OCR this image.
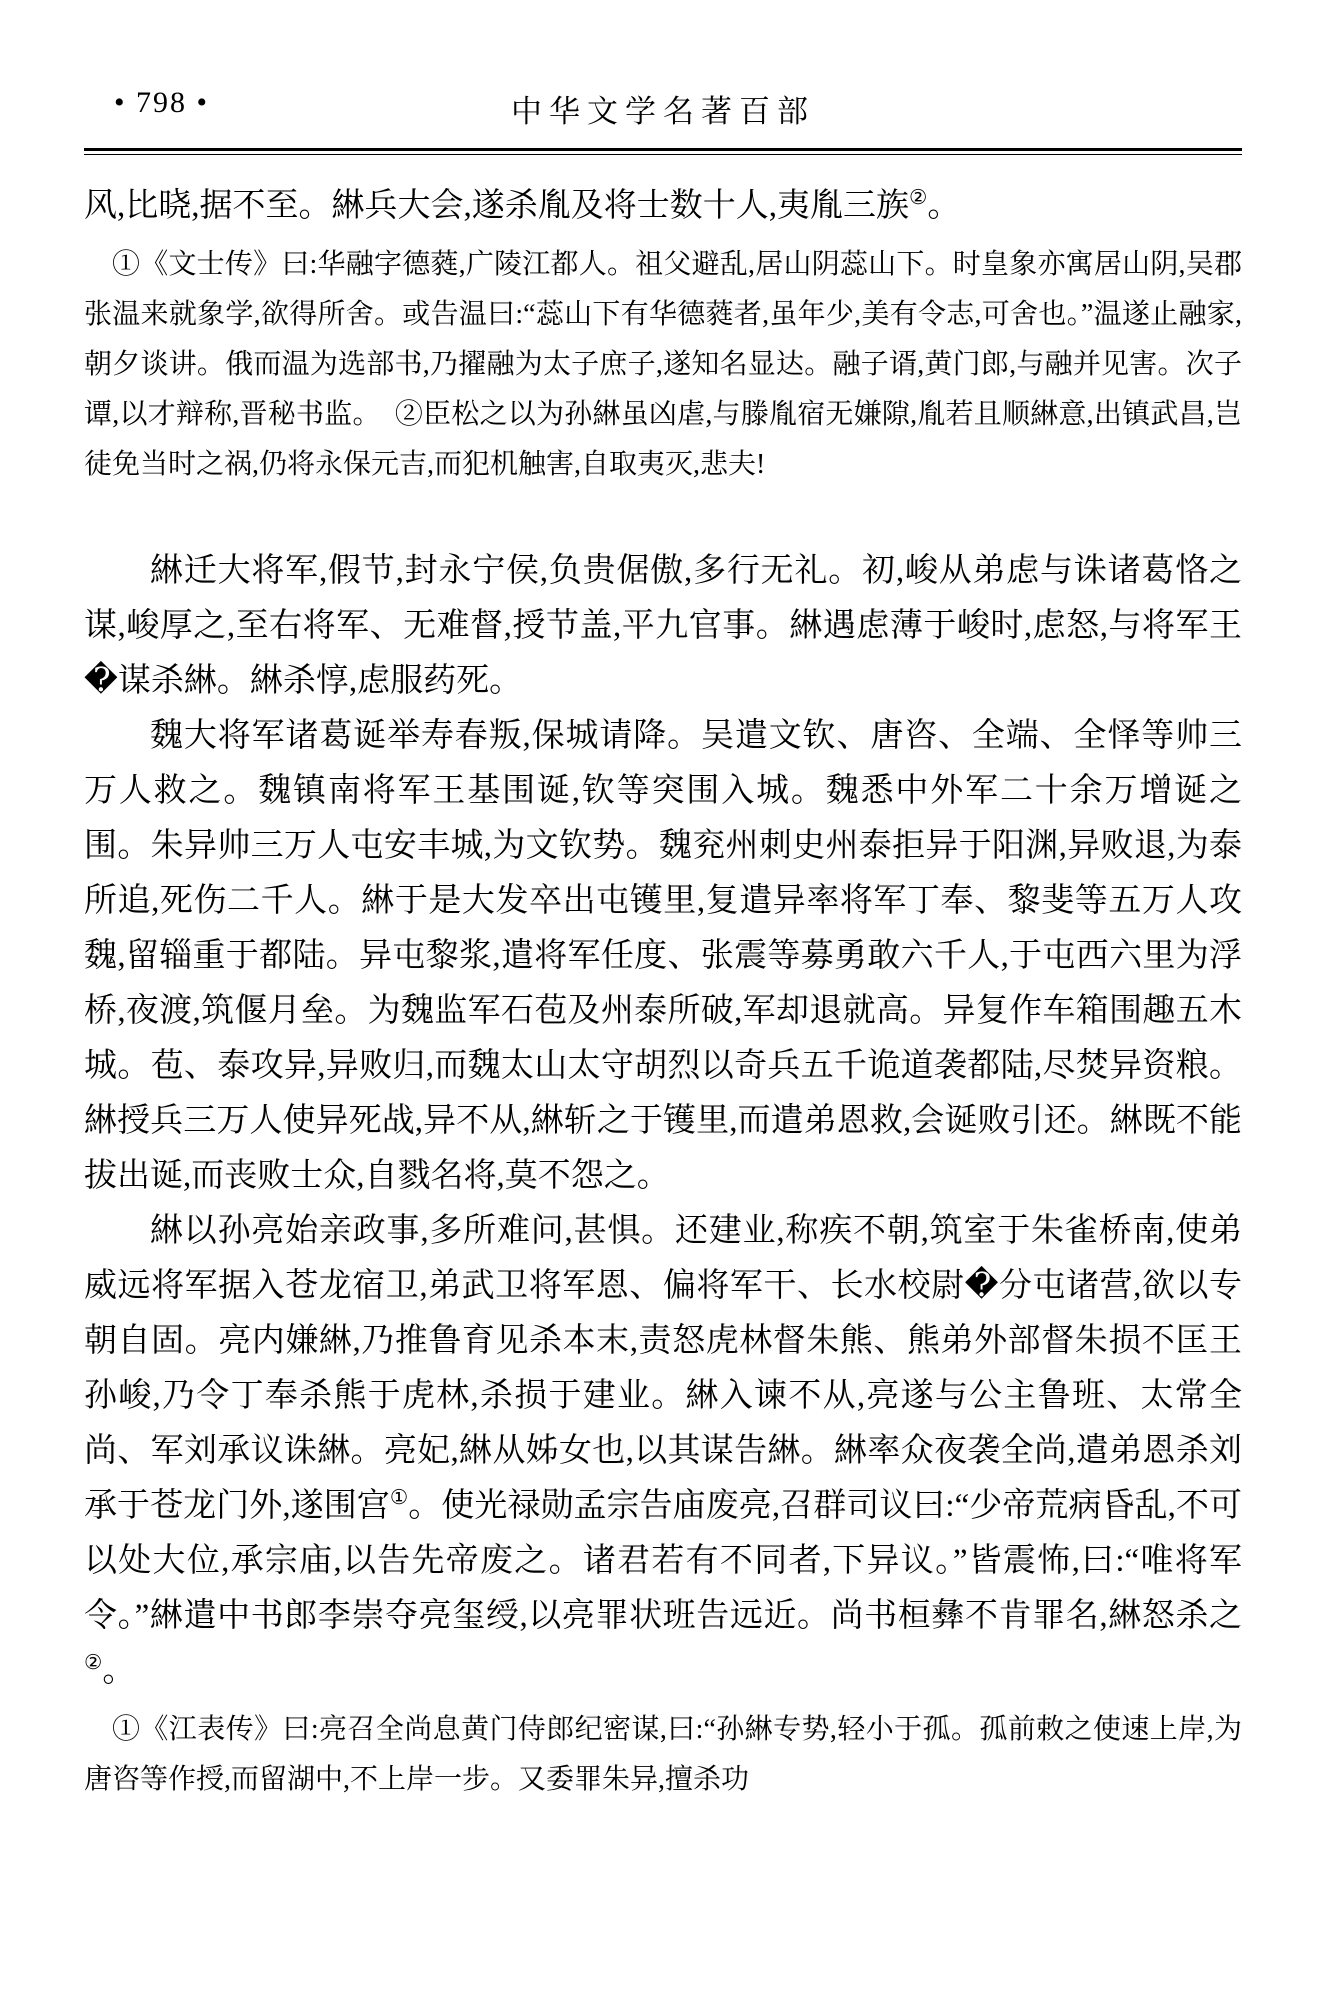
• 798 •	中华文学名著百部

风,比晓,据不至。綝兵大会,遂杀胤及将士数十人,夷胤三族②。

①《文士传》曰:华融字德蕤,广陵江都人。祖父避乱,居山阴蕊山下。时皇象亦寓居山阴,吴郡张温来就象学,欲得所舍。或告温曰:“蕊山下有华德蕤者,虽年少,美有令志,可舍也。”温遂止融家,朝夕谈讲。俄而温为选部书,乃擢融为太子庶子,遂知名显达。融子谞,黄门郎,与融并见害。次子谭,以才辩称,晋秘书监。　②臣松之以为孙綝虽凶虐,与滕胤宿无嫌隙,胤若且顺綝意,出镇武昌,岂徒免当时之祸,仍将永保元吉,而犯机触害,自取夷灭,悲夫!

綝迁大将军,假节,封永宁侯,负贵倨傲,多行无礼。初,峻从弟虑与诛诸葛恪之谋,峻厚之,至右将军、无难督,授节盖,平九官事。綝遇虑薄于峻时,虑怒,与将军王�谋杀綝。綝杀惇,虑服药死。

魏大将军诸葛诞举寿春叛,保城请降。吴遣文钦、唐咨、全端、全怿等帅三万人救之。魏镇南将军王基围诞,钦等突围入城。魏悉中外军二十余万增诞之围。朱异帅三万人屯安丰城,为文钦势。魏兖州刺史州泰拒异于阳渊,异败退,为泰所追,死伤二千人。綝于是大发卒出屯镬里,复遣异率将军丁奉、黎斐等五万人攻魏,留辎重于都陆。异屯黎浆,遣将军任度、张震等募勇敢六千人,于屯西六里为浮桥,夜渡,筑偃月垒。为魏监军石苞及州泰所破,军却退就高。异复作车箱围趣五木城。苞、泰攻异,异败归,而魏太山太守胡烈以奇兵五千诡道袭都陆,尽焚异资粮。綝授兵三万人使异死战,异不从,綝斩之于镬里,而遣弟恩救,会诞败引还。綝既不能拔出诞,而丧败士众,自戮名将,莫不怨之。

綝以孙亮始亲政事,多所难问,甚惧。还建业,称疾不朝,筑室于朱雀桥南,使弟威远将军据入苍龙宿卫,弟武卫将军恩、偏将军干、长水校尉�分屯诸营,欲以专朝自固。亮内嫌綝,乃推鲁育见杀本末,责怒虎林督朱熊、熊弟外部督朱损不匡王孙峻,乃令丁奉杀熊于虎林,杀损于建业。綝入谏不从,亮遂与公主鲁班、太常全尚、军刘承议诛綝。亮妃,綝从姊女也,以其谋告綝。綝率众夜袭全尚,遣弟恩杀刘承于苍龙门外,遂围宫①。使光禄勋孟宗告庙废亮,召群司议曰:“少帝荒病昏乱,不可以处大位,承宗庙,以告先帝废之。诸君若有不同者,下异议。”皆震怖,曰:“唯将军令。”綝遣中书郎李崇夺亮玺绶,以亮罪状班告远近。尚书桓彝不肯罪名,綝怒杀之②。

①《江表传》曰:亮召全尚息黄门侍郎纪密谋,曰:“孙綝专势,轻小于孤。孤前敕之使速上岸,为唐咨等作授,而留湖中,不上岸一步。又委罪朱异,擅杀功
